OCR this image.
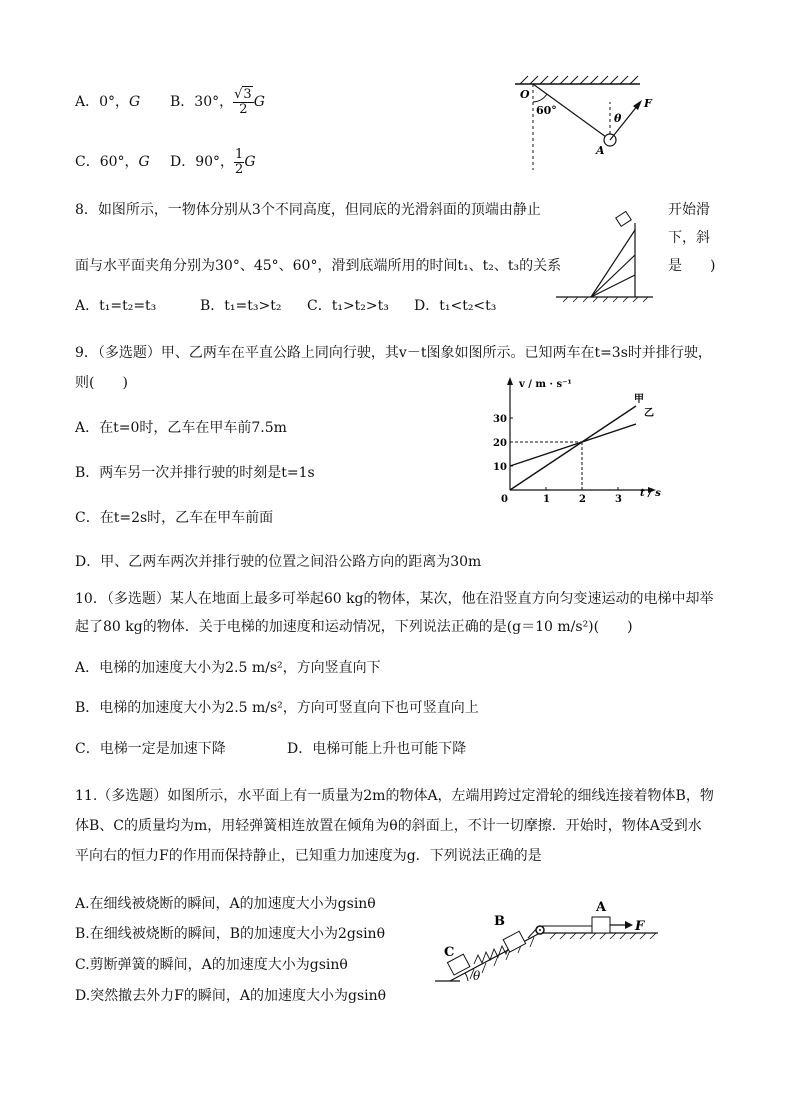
A．0°，G B．30°， $\frac{√3}{2}$ G
C．60°，G D．90°， $\frac{1}{2}$ G
O
60°
θ
F
A
8．如图所示，一物体分别从3个不同高度，但同底的光滑斜面的顶端由静止	开始滑
下，斜
面与水平面夹角分别为30°、45°、60°，滑到底端所用的时间t₁、t₂、t₃的关系	是　　)
A．t₁=t₂=t₃	B．t₁=t₃>t₂ C．t₁>t₂>t₃ D．t₁<t₂<t₃
9．（多选题）甲、乙两车在平直公路上同向行驶，其v－t图象如图所示。已知两车在t=3s时并排行驶，
则(　　)
A．在t=0时，乙车在甲车前7.5m
B．两车另一次并排行驶的时刻是t=1s
C．在t=2s时，乙车在甲车前面
D．甲、乙两车两次并排行驶的位置之间沿公路方向的距离为30m
v / m · s⁻¹
t / s
甲
乙
0	1	2	3
10
20
30
10．（多选题）某人在地面上最多可举起60 kg的物体，某次，他在沿竖直方向匀变速运动的电梯中却举
起了80 kg的物体．关于电梯的加速度和运动情况，下列说法正确的是(g＝10 m/s²)(　　)
A．电梯的加速度大小为2.5 m/s²，方向竖直向下
B．电梯的加速度大小为2.5 m/s²，方向可竖直向下也可竖直向上
C．电梯一定是加速下降	D．电梯可能上升也可能下降
11.（多选题）如图所示，水平面上有一质量为2m的物体A，左端用跨过定滑轮的细线连接着物体B，物
体B、C的质量均为m，用轻弹簧相连放置在倾角为θ的斜面上，不计一切摩擦．开始时，物体A受到水
平向右的恒力F的作用而保持静止，已知重力加速度为g．下列说法正确的是
A.在细线被烧断的瞬间，A的加速度大小为gsinθ
B.在细线被烧断的瞬间，B的加速度大小为2gsinθ
C.剪断弹簧的瞬间，A的加速度大小为gsinθ
D.突然撤去外力F的瞬间，A的加速度大小为gsinθ
C
B
A
F
θ
